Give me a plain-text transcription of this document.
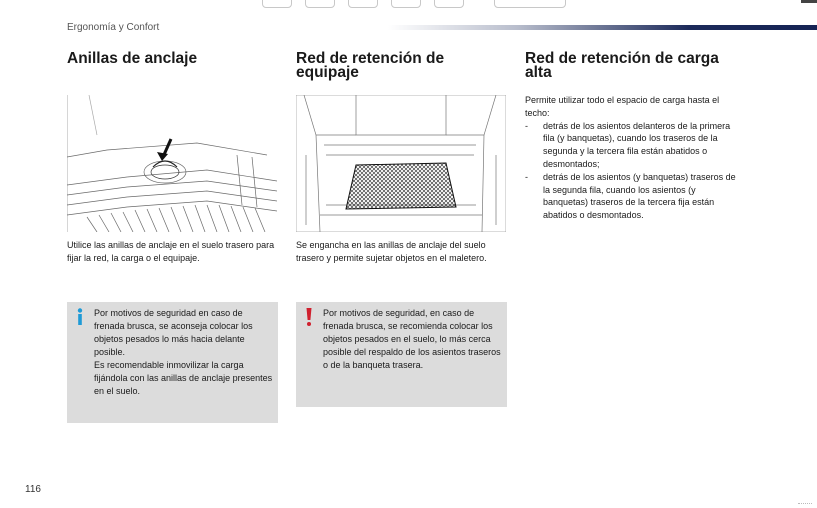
Ergonomía y Confort
Anillas de anclaje	Red de retención de equipaje
Red de retención de carga alta
Utilice las anillas de anclaje en el suelo trasero para fijar la red, la carga o el equipaje.
Se engancha en las anillas de anclaje del suelo trasero y permite sujetar objetos en el maletero.

Permite utilizar todo el espacio de carga hasta el techo:

- detrás de los asientos delanteros de la primera fila (y banquetas), cuando los traseros de la segunda y la tercera fila están abatidos o desmontados;
- detrás de los asientos (y banquetas) traseros de la segunda fila, cuando los asientos (y banquetas) traseros de la tercera fija están abatidos o desmontados.

Por motivos de seguridad en caso de frenada brusca, se aconseja colocar los objetos pesados lo más hacia delante posible.

Es recomendable inmovilizar la carga fijándola con las anillas de anclaje presentes en el suelo.

Por motivos de seguridad, en caso de frenada brusca, se recomienda colocar los objetos pesados en el suelo, lo más cerca posible del respaldo de los asientos traseros o de la banqueta trasera.

116
